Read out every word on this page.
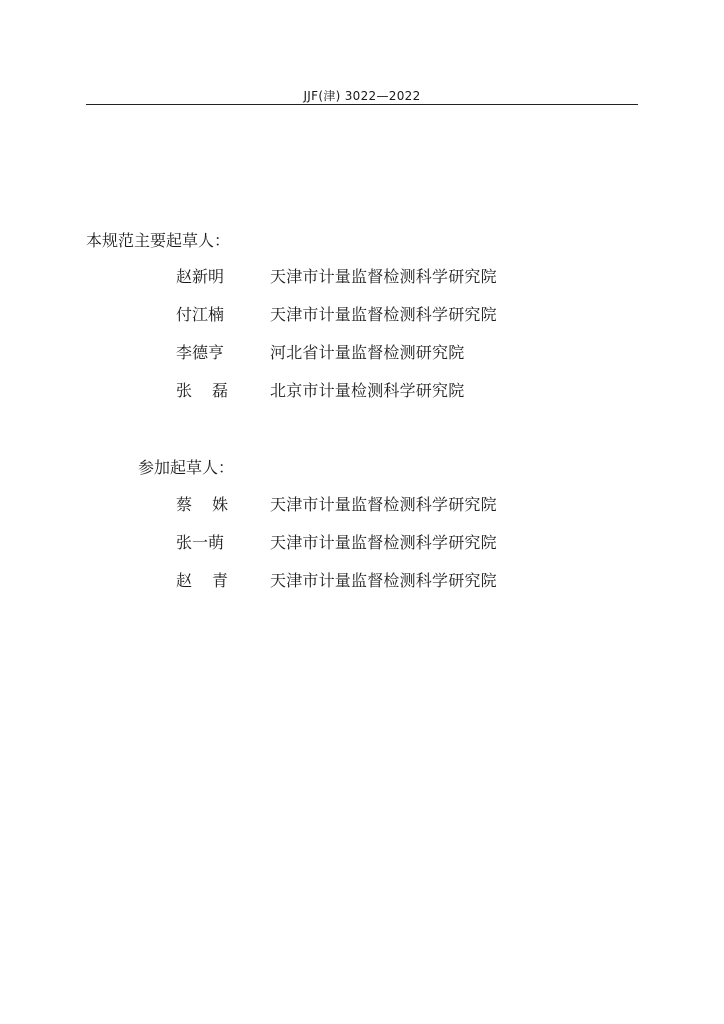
JJF(津) 3022—2022
本规范主要起草人：
赵新明	天津市计量监督检测科学研究院
付江楠	天津市计量监督检测科学研究院
李德亨	河北省计量监督检测研究院
张 磊	北京市计量检测科学研究院
参加起草人：
蔡 姝	天津市计量监督检测科学研究院
张一萌	天津市计量监督检测科学研究院
赵 青	天津市计量监督检测科学研究院
